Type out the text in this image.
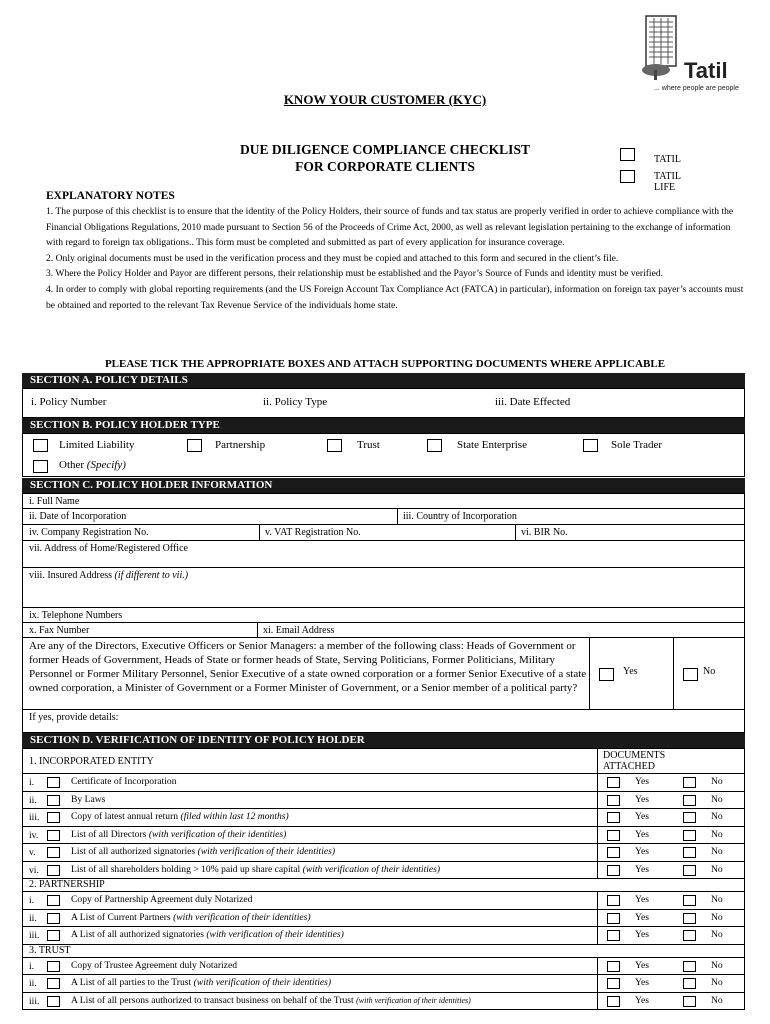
Tatil
... where people are people
KNOW YOUR CUSTOMER (KYC)
DUE DILIGENCE COMPLIANCE CHECKLIST
FOR CORPORATE CLIENTS	TATIL
TATIL LIFE
EXPLANATORY NOTES

1. The purpose of this checklist is to ensure that the identity of the Policy Holders, their source of funds and tax status are properly verified in order to achieve compliance with the Financial Obligations Regulations, 2010 made pursuant to Section 56 of the Proceeds of Crime Act, 2000, as well as relevant legislation pertaining to the exchange of information with regard to foreign tax obligations.. This form must be completed and submitted as part of every application for insurance coverage.

2. Only original documents must be used in the verification process and they must be copied and attached to this form and secured in the client’s file.

3. Where the Policy Holder and Payor are different persons, their relationship must be established and the Payor’s Source of Funds and identity must be verified.

4. In order to comply with global reporting requirements (and the US Foreign Account Tax Compliance Act (FATCA) in particular), information on foreign tax payer’s accounts must be obtained and reported to the relevant Tax Revenue Service of the individuals home state.

PLEASE TICK THE APPROPRIATE BOXES AND ATTACH SUPPORTING DOCUMENTS WHERE APPLICABLE
SECTION A. POLICY DETAILS
i. Policy Number	ii. Policy Type	iii. Date Effected
SECTION B. POLICY HOLDER TYPE
Limited Liability	Partnership	Trust	State Enterprise	Sole Trader
Other (Specify)
SECTION C. POLICY HOLDER INFORMATION
i. Full Name
ii. Date of Incorporation	iii. Country of Incorporation
iv. Company Registration No.	v. VAT Registration No.	vi. BIR No.
vii. Address of Home/Registered Office
viii. Insured Address (if different to vii.)
ix. Telephone Numbers
x. Fax Number	xi. Email Address
Are any of the Directors, Executive Officers or Senior Managers: a member of the following class: Heads of Government or former Heads of Government, Heads of State or former heads of State, Serving Politicians, Former Politicians, Military Personnel or Former Military Personnel, Senior Executive of a state owned corporation or a former Senior Executive of a state owned corporation, a Minister of Government or a Former Minister of Government, or a Senior member of a political party?
Yes	No
If yes, provide details:
SECTION D. VERIFICATION OF IDENTITY OF POLICY HOLDER
1. INCORPORATED ENTITY
DOCUMENTS
ATTACHED
i.	Certificate of Incorporation	Yes	No
ii.	By Laws	Yes	No
iii.	Copy of latest annual return (filed within last 12 months)	Yes	No
iv.	List of all Directors (with verification of their identities)	Yes	No
v.	List of all authorized signatories (with verification of their identities)	Yes	No
vi.	List of all shareholders holding > 10% paid up share capital (with verification of their identities)	Yes	No
2. PARTNERSHIP
i.	Copy of Partnership Agreement duly Notarized	Yes	No
ii.	A List of Current Partners (with verification of their identities)	Yes	No
iii.	A List of all authorized signatories (with verification of their identities)	Yes	No
3. TRUST
i.	Copy of Trustee Agreement duly Notarized	Yes	No
ii.	A List of all parties to the Trust (with verification of their identities)	Yes	No
iii.	A List of all persons authorized to transact business on behalf of the Trust (with verification of their identities)	Yes	No
